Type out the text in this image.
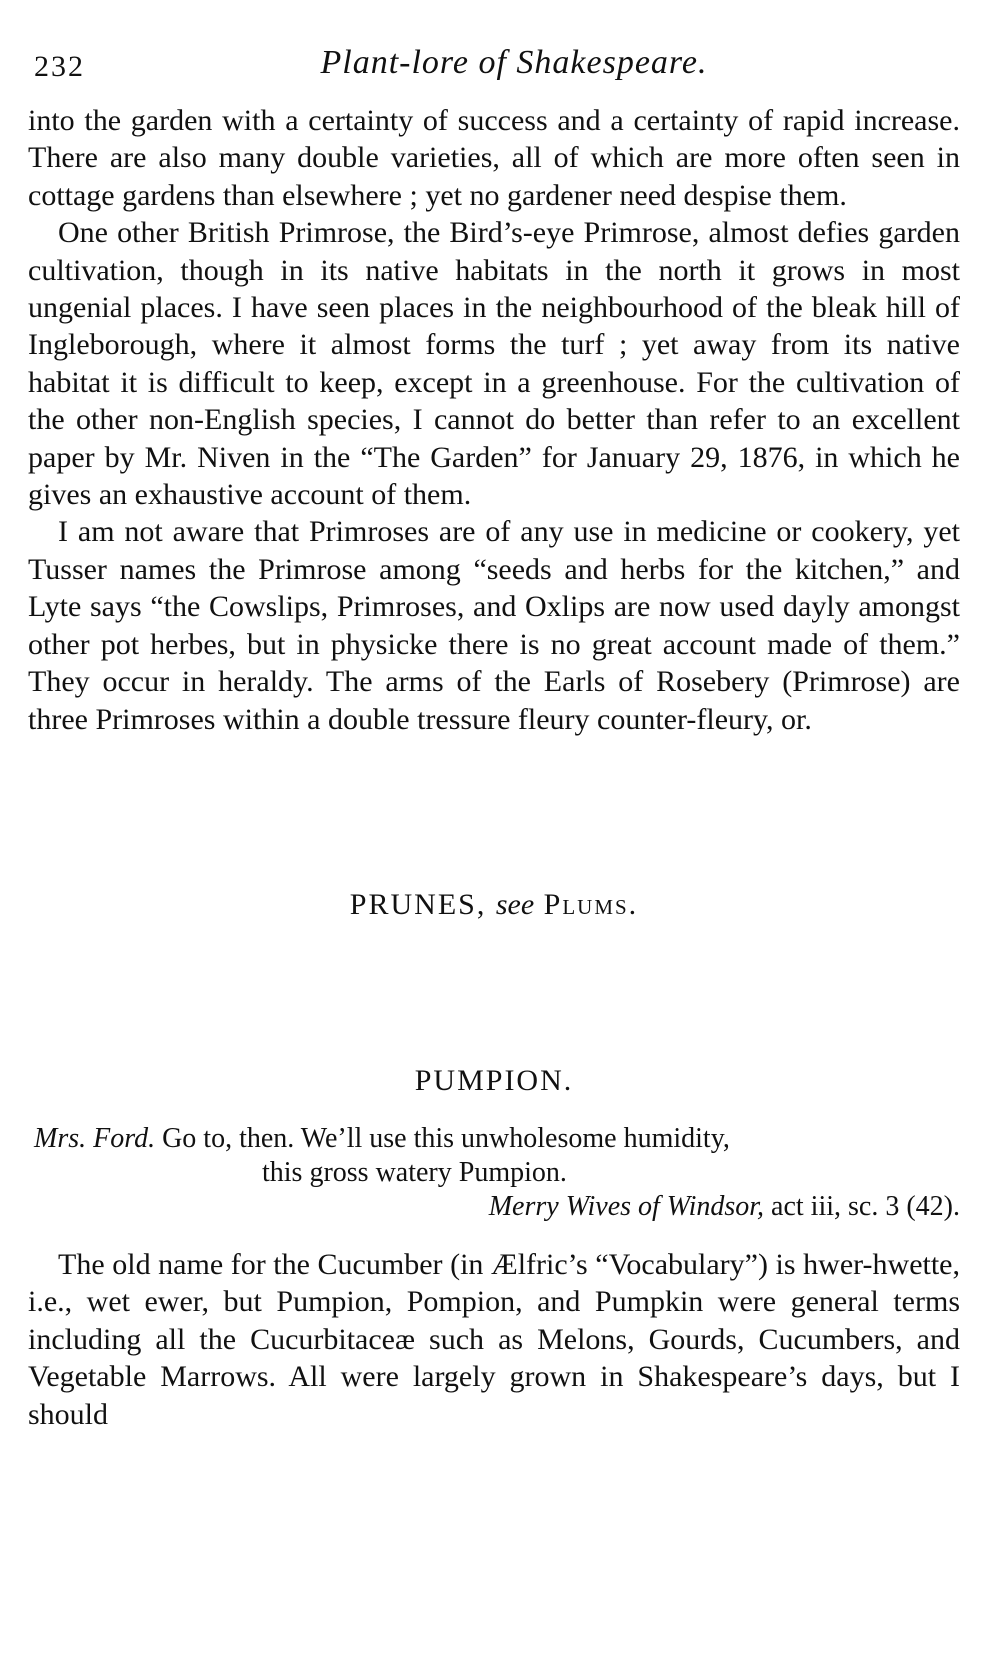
232	Plant-lore of Shakespeare.

into the garden with a certainty of success and a certainty of rapid increase. There are also many double varieties, all of which are more often seen in cottage gardens than elsewhere ; yet no gardener need despise them.

One other British Primrose, the Bird’s-eye Primrose, almost defies garden cultivation, though in its native habitats in the north it grows in most ungenial places. I have seen places in the neighbourhood of the bleak hill of Ingleborough, where it almost forms the turf ; yet away from its native habitat it is difficult to keep, except in a greenhouse. For the cultivation of the other non-English species, I cannot do better than refer to an excellent paper by Mr. Niven in the “The Garden” for January 29, 1876, in which he gives an exhaustive account of them.

I am not aware that Primroses are of any use in medicine or cookery, yet Tusser names the Primrose among “seeds and herbs for the kitchen,” and Lyte says “the Cowslips, Primroses, and Oxlips are now used dayly amongst other pot herbes, but in physicke there is no great account made of them.” They occur in heraldy. The arms of the Earls of Rosebery (Primrose) are three Primroses within a double tressure fleury counter-fleury, or.

PRUNES, see Plums.
PUMPION.
Mrs. Ford. Go to, then. We’ll use this unwholesome humidity,
this gross watery Pumpion.
Merry Wives of Windsor, act iii, sc. 3 (42).

The old name for the Cucumber (in Ælfric’s “Vocabulary”) is hwer-hwette, i.e., wet ewer, but Pumpion, Pompion, and Pumpkin were general terms including all the Cucurbitaceæ such as Melons, Gourds, Cucumbers, and Vegetable Marrows. All were largely grown in Shakespeare’s days, but I should
